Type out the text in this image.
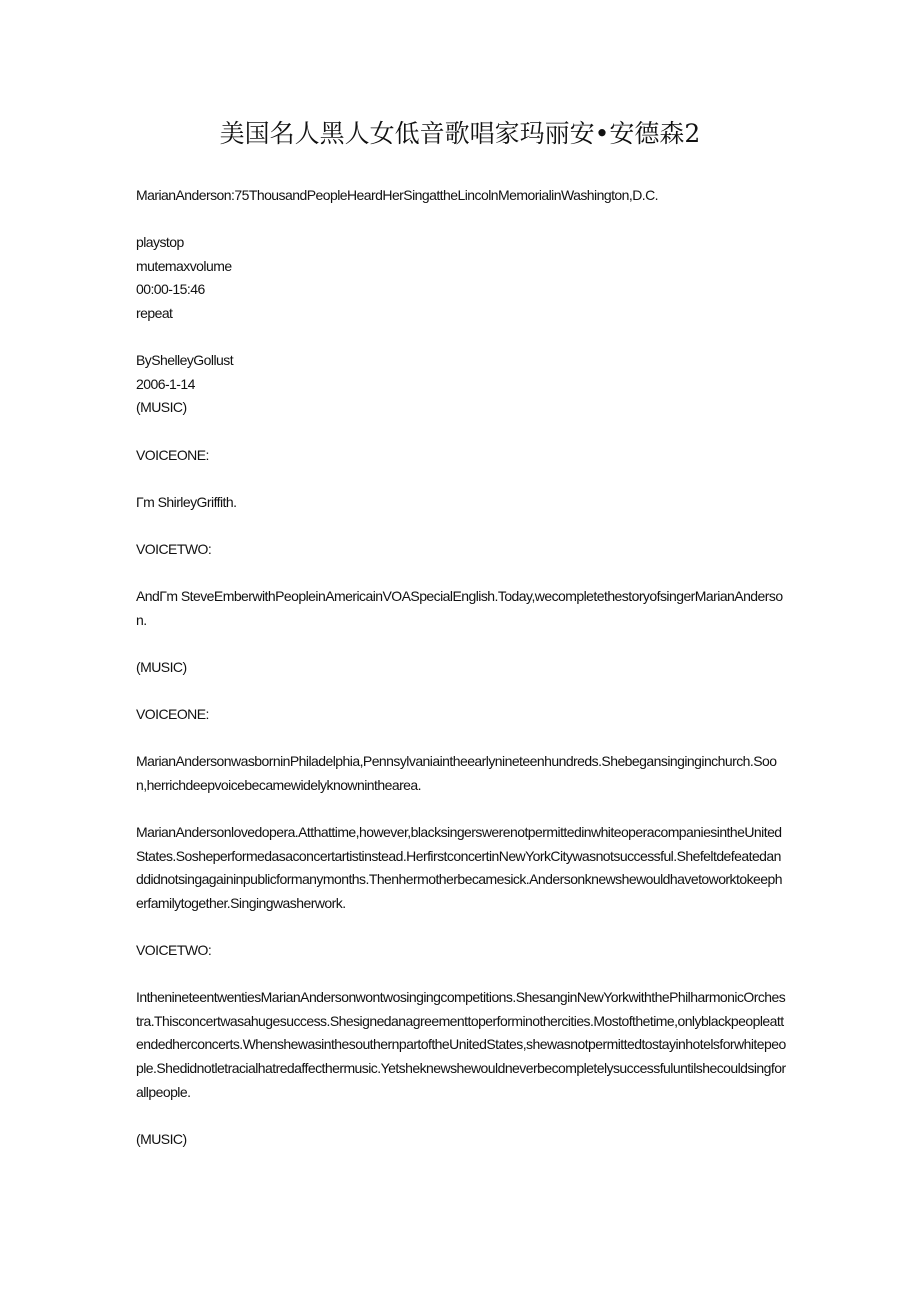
美国名人黑人女低音歌唱家玛丽安•安德森2

MarianAnderson:75ThousandPeopleHeardHerSingattheLincolnMemorialinWashington,D.C.

playstop

mutemaxvolume

00:00-15:46

repeat

ByShelleyGollust

2006-1-14

(MUSIC)

VOICEONE:

Γm ShirleyGriffith.

VOICETWO:

AndΓm SteveEmberwithPeopleinAmericainVOASpecialEnglish.Today,wecompletethestoryofsingerMarianAnderson.

(MUSIC)

VOICEONE:

MarianAndersonwasborninPhiladelphia,Pennsylvaniaintheearlynineteenhundreds.Shebegansinginginchurch.Soon,herrichdeepvoicebecamewidelyknowninthearea.

MarianAndersonlovedopera.Atthattime,however,blacksingerswerenotpermittedinwhiteoperacompaniesintheUnitedStates.Sosheperformedasaconcertartistinstead.HerfirstconcertinNewYorkCitywasnotsuccessful.Shefeltdefeatedanddidnotsingagaininpublicformanymonths.Thenhermotherbecamesick.Andersonknewshewouldhavetoworktokeepherfamilytogether.Singingwasherwork.

VOICETWO:

InthenineteentwentiesMarianAndersonwontwosingingcompetitions.ShesanginNewYorkwiththePhilharmonicOrchestra.Thisconcertwasahugesuccess.Shesignedanagreementtoperforminothercities.Mostofthetime,onlyblackpeopleattendedherconcerts.WhenshewasinthesouthernpartoftheUnitedStates,shewasnotpermittedtostayinhotelsforwhitepeople.Shedidnotletracialhatredaffecthermusic.Yetsheknewshewouldneverbecompletelysuccessfuluntilshecouldsingforallpeople.

(MUSIC)
